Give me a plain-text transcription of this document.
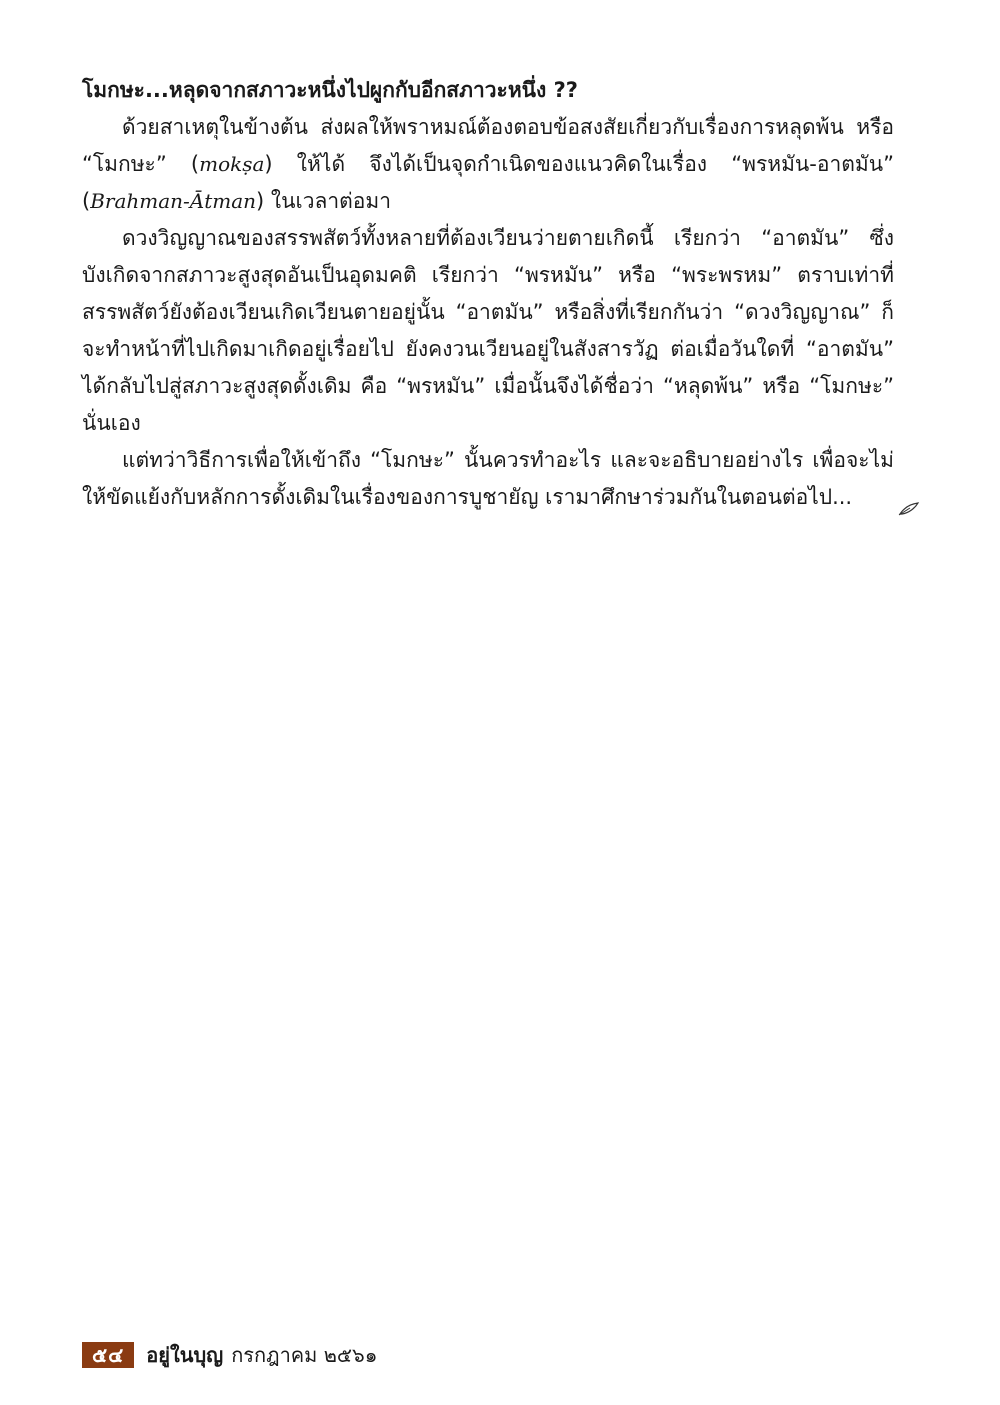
โมกษะ...หลุดจากสภาวะหนึ่งไปผูกกับอีกสภาวะหนึ่ง ??

ด้วยสาเหตุในข้างต้น ส่งผลให้พราหมณ์ต้องตอบข้อสงสัยเกี่ยวกับเรื่องการหลุดพ้น หรือ “โมกษะ” (mokṣa) ให้ได้ จึงได้เป็นจุดกำเนิดของแนวคิดในเรื่อง “พรหมัน-อาตมัน” (Brahman-Ātman) ในเวลาต่อมา

ดวงวิญญาณของสรรพสัตว์ทั้งหลายที่ต้องเวียนว่ายตายเกิดนี้ เรียกว่า “อาตมัน” ซึ่งบังเกิดจากสภาวะสูงสุดอันเป็นอุดมคติ เรียกว่า “พรหมัน” หรือ “พระพรหม” ตราบเท่าที่สรรพสัตว์ยังต้องเวียนเกิดเวียนตายอยู่นั้น “อาตมัน” หรือสิ่งที่เรียกกันว่า “ดวงวิญญาณ” ก็จะทำหน้าที่ไปเกิดมาเกิดอยู่เรื่อยไป ยังคงวนเวียนอยู่ในสังสารวัฏ ต่อเมื่อวันใดที่ “อาตมัน” ได้กลับไปสู่สภาวะสูงสุดดั้งเดิม คือ “พรหมัน” เมื่อนั้นจึงได้ชื่อว่า “หลุดพ้น” หรือ “โมกษะ” นั่นเอง

แต่ทว่าวิธีการเพื่อให้เข้าถึง “โมกษะ” นั้นควรทำอะไร และจะอธิบายอย่างไร เพื่อจะไม่ให้ขัดแย้งกับหลักการดั้งเดิมในเรื่องของการบูชายัญ เรามาศึกษาร่วมกันในตอนต่อไป...

๕๔	อยู่ในบุญ กรกฎาคม ๒๕๖๑
